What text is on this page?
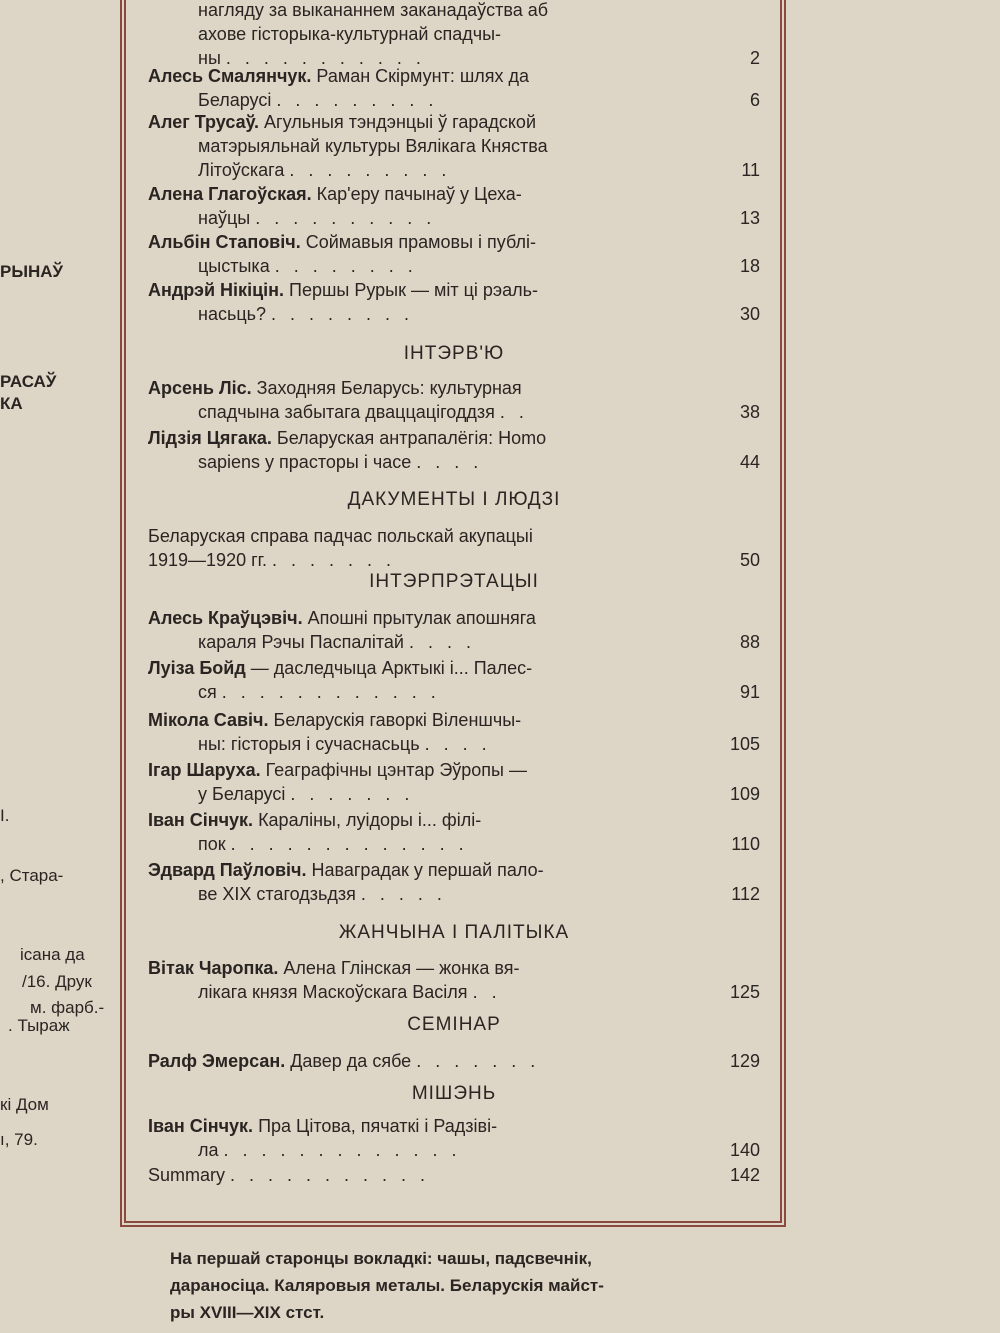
РЫНАЎ
РАСАЎ
КА
I.
, Стара-
ісана да
/16. Друк
м. фарб.-
. Тыраж
кі Дом
ı, 79.
нагляду за выкананнем заканадаўства аб
ахове гісторыка-культурнай спадчы-
ны ...........	2
Алесь Смалянчук. Раман Скірмунт: шлях да
Беларусі .........	6
Алег Трусаў. Агульныя тэндэнцыі ў гарадской
матэрыяльнай культуры Вялікага Княства
Літоўскага .........	11
Алена Глагоўская. Кар'еру пачынаў у Цеха-
наўцы ..........	13
Альбін Стаповіч. Соймавыя прамовы і публі-
цыстыка ........	18
Андрэй Нікіцін. Першы Рурык — міт ці рэаль-
насьць? ........	30
ІНТЭРВ'Ю
Арсень Ліс. Заходняя Беларусь: культурная
спадчына забытага дваццацігоддзя ..	38
Лідзія Цягака. Беларуская антрапалёгія: Homo
sapiens у прасторы і часе ....	44
ДАКУМЕНТЫ І ЛЮДЗІ
Беларуская справа падчас польскай акупацыі
1919—1920 гг. .......	50
ІНТЭРПРЭТАЦЫІ
Алесь Краўцэвіч. Апошні прытулак апошняга
караля Рэчы Паспалітай ....	88
Луіза Бойд — даследчыца Арктыкі і... Палес-
ся ............	91
Мікола Савіч. Беларускія гаворкі Віленшчы-
ны: гісторыя і сучаснасьць ....	105
Ігар Шаруха. Геаграфічны цэнтар Эўропы —
у Беларусі .......	109
Іван Сінчук. Караліны, луідоры і... філі-
пок .............	110
Эдвард Паўловіч. Наваградак у першай пало-
ве XIX стагодзьдзя .....	112
ЖАНЧЫНА І ПАЛІТЫКА
Вітак Чаропка. Алена Глінская — жонка вя-
лікага князя Маскоўскага Васіля ..	125
СЕМІНАР
Ралф Эмерсан. Давер да сябе .......	129
МІШЭНЬ
Іван Сінчук. Пра Цітова, пячаткі і Радзіві-
ла .............	140
Summary ...........	142
На першай старонцы вокладкі: чашы, падсвечнік,
дараносіца. Каляровыя металы. Беларускія майст-
ры XVIII—XIX стст.
